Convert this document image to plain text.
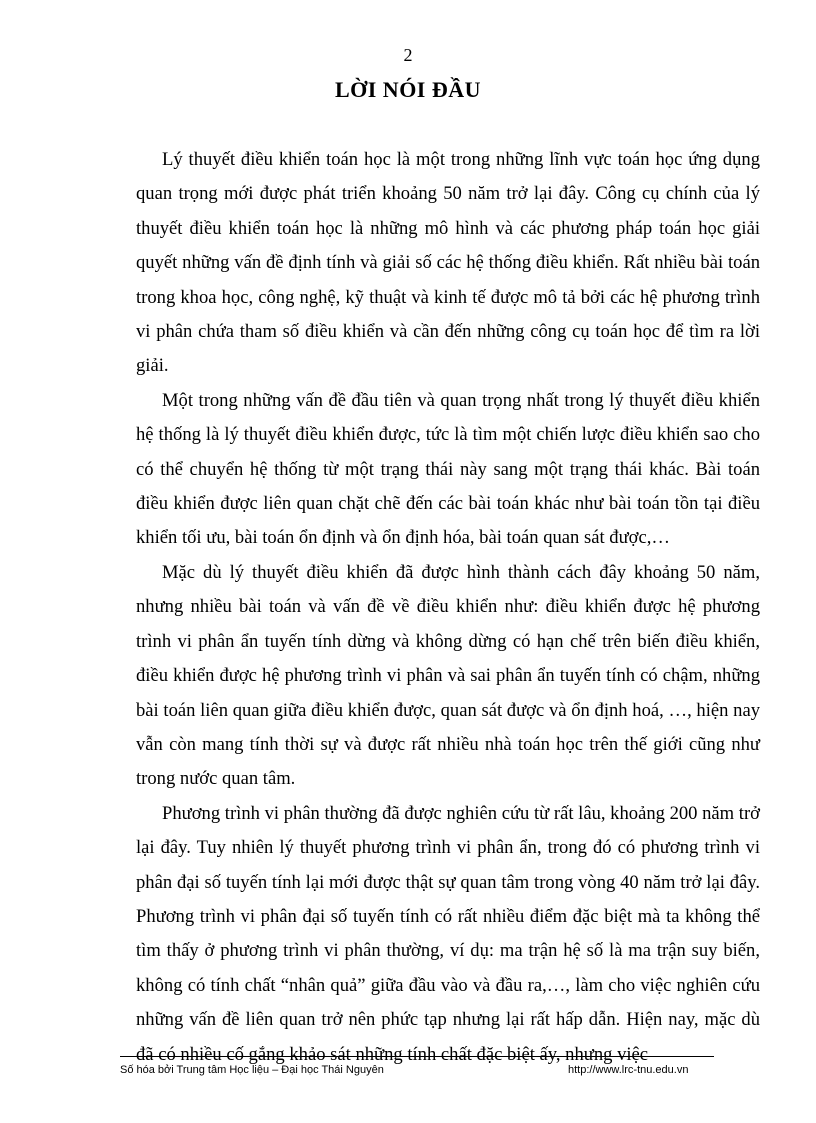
2
LỜI NÓI ĐẦU

Lý thuyết điều khiển toán học là một trong những lĩnh vực toán học ứng dụng quan trọng mới được phát triển khoảng 50 năm trở lại đây. Công cụ chính của lý thuyết điều khiển toán học là những mô hình và các phương pháp toán học giải quyết những vấn đề định tính và giải số các hệ thống điều khiển. Rất nhiều bài toán trong khoa học, công nghệ, kỹ thuật và kinh tế được mô tả bởi các hệ phương trình vi phân chứa tham số điều khiển và cần đến những công cụ toán học để tìm ra lời giải.

Một trong những vấn đề đầu tiên và quan trọng nhất trong lý thuyết điều khiển hệ thống là lý thuyết điều khiển được, tức là tìm một chiến lược điều khiển sao cho có thể chuyển hệ thống từ một trạng thái này sang một trạng thái khác. Bài toán điều khiển được liên quan chặt chẽ đến các bài toán khác như bài toán tồn tại điều khiển tối ưu, bài toán ổn định và ổn định hóa, bài toán quan sát được,…

Mặc dù lý thuyết điều khiển đã được hình thành cách đây khoảng 50 năm, nhưng nhiều bài toán và vấn đề về điều khiển như: điều khiển được hệ phương trình vi phân ẩn tuyến tính dừng và không dừng có hạn chế trên biến điều khiển, điều khiển được hệ phương trình vi phân và sai phân ẩn tuyến tính có chậm, những bài toán liên quan giữa điều khiển được, quan sát được và ổn định hoá, …, hiện nay vẫn còn mang tính thời sự và được rất nhiều nhà toán học trên thế giới cũng như trong nước quan tâm.

Phương trình vi phân thường đã được nghiên cứu từ rất lâu, khoảng 200 năm trở lại đây. Tuy nhiên lý thuyết phương trình vi phân ẩn, trong đó có phương trình vi phân đại số tuyến tính lại mới được thật sự quan tâm trong vòng 40 năm trở lại đây. Phương trình vi phân đại số tuyến tính có rất nhiều điểm đặc biệt mà ta không thể tìm thấy ở phương trình vi phân thường, ví dụ: ma trận hệ số là ma trận suy biến, không có tính chất “nhân quả” giữa đầu vào và đầu ra,…, làm cho việc nghiên cứu những vấn đề liên quan trở nên phức tạp nhưng lại rất hấp dẫn. Hiện nay, mặc dù đã có nhiều cố gắng khảo sát những tính chất đặc biệt ấy, nhưng việc

Số hóa bởi Trung tâm Học liệu – Đại học Thái Nguyên	http://www.lrc-tnu.edu.vn
